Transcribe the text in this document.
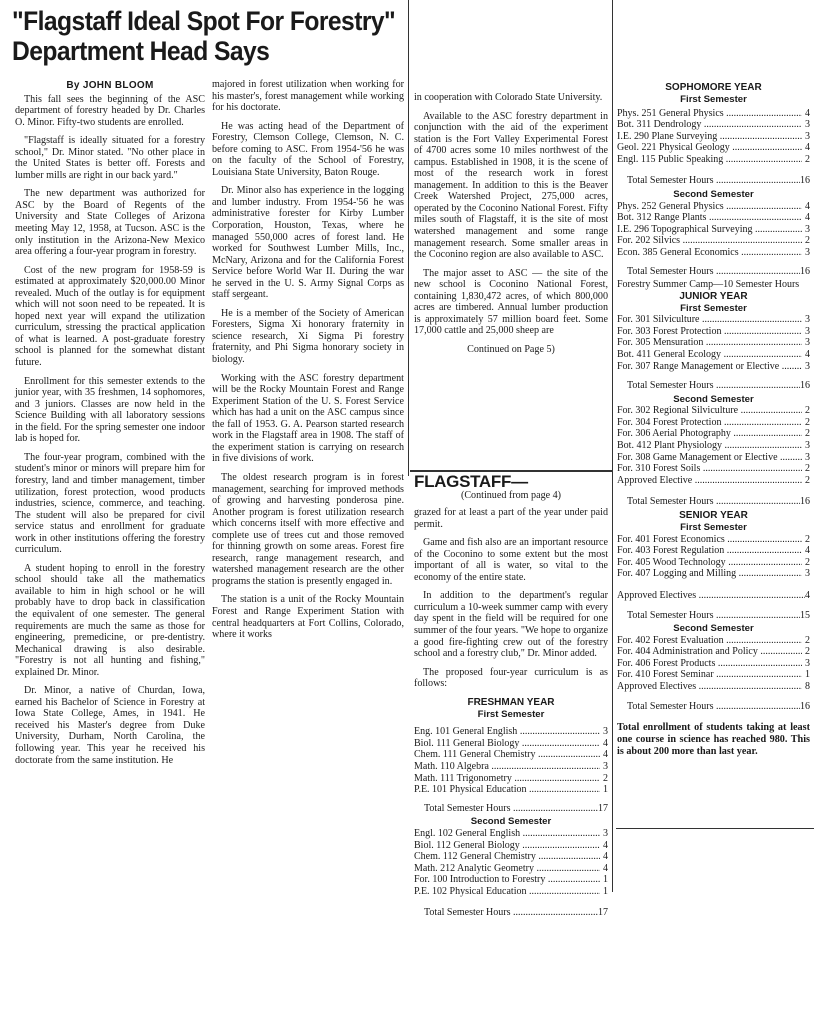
"Flagstaff Ideal Spot For Forestry"
Department Head Says
By JOHN BLOOM

This fall sees the beginning of the ASC department of forestry headed by Dr. Charles O. Minor. Fifty-two students are enrolled.

"Flagstaff is ideally situated for a forestry school," Dr. Minor stated. "No other place in the United States is better off. Forests and lumber mills are right in our back yard."

The new department was authorized for ASC by the Board of Regents of the University and State Colleges of Arizona meeting May 12, 1958, at Tucson. ASC is the only institution in the Arizona-New Mexico area offering a four-year program in forestry.

Cost of the new program for 1958-59 is estimated at approximately $20,000.00 Minor revealed. Much of the outlay is for equipment which will not soon need to be repeated. It is hoped next year will expand the utilization curriculum, stressing the practical application of what is learned. A post-graduate forestry school is planned for the somewhat distant future.

Enrollment for this semester extends to the junior year, with 35 freshmen, 14 sophomores, and 3 juniors. Classes are now held in the Science Building with all laboratory sessions in the field. For the spring semester one indoor lab is hoped for.

The four-year program, combined with the student's minor or minors will prepare him for forestry, land and timber management, timber utilization, forest protection, wood products industries, science, commerce, and teaching. The student will also be prepared for civil service status and enrollment for graduate work in other institutions offering the forestry curriculum.

A student hoping to enroll in the forestry school should take all the mathematics available to him in high school or he will probably have to drop back in classification the equivalent of one semester. The general requirements are much the same as those for engineering, premedicine, or pre-dentistry. Mechanical drawing is also desirable. "Forestry is not all hunting and fishing," explained Dr. Minor.

Dr. Minor, a native of Churdan, Iowa, earned his Bachelor of Science in Forestry at Iowa State College, Ames, in 1941. He received his Master's degree from Duke University, Durham, North Carolina, the following year. This year he received his doctorate from the same institution. He

majored in forest utilization when working for his master's, forest management while working for his doctorate.

He was acting head of the Department of Forestry, Clemson College, Clemson, N. C. before coming to ASC. From 1954-'56 he was on the faculty of the School of Forestry, Louisiana State University, Baton Rouge.

Dr. Minor also has experience in the logging and lumber industry. From 1954-'56 he was administrative forester for Kirby Lumber Corporation, Houston, Texas, where he managed 550,000 acres of forest land. He worked for Southwest Lumber Mills, Inc., McNary, Arizona and for the California Forest Service before World War II. During the war he served in the U. S. Army Signal Corps as staff sergeant.

He is a member of the Society of American Foresters, Sigma Xi honorary fraternity in science research, Xi Sigma Pi forestry fraternity, and Phi Sigma honorary society in biology.

Working with the ASC forestry department will be the Rocky Mountain Forest and Range Experiment Station of the U. S. Forest Service which has had a unit on the ASC campus since the fall of 1953. G. A. Pearson started research work in the Flagstaff area in 1908. The staff of the experiment station is carrying on research in five divisions of work.

The oldest research program is in forest management, searching for improved methods of growing and harvesting ponderosa pine. Another program is forest utilization research which concerns itself with more effective and complete use of trees cut and those removed for thinning growth on some areas. Forest fire research, range management research, and watershed management research are the other programs the station is presently engaged in.

The station is a unit of the Rocky Mountain Forest and Range Experiment Station with central headquarters at Fort Collins, Colorado, where it works

in cooperation with Colorado State University.

Available to the ASC forestry department in conjunction with the aid of the experiment station is the Fort Valley Experimental Forest of 4700 acres some 10 miles northwest of the campus. Established in 1908, it is the scene of most of the research work in forest management. In addition to this is the Beaver Creek Watershed Project, 275,000 acres, operated by the Coconino National Forest. Fifty miles south of Flagstaff, it is the site of most watershed management and some range management research. Some smaller areas in the Coconino region are also available to ASC.

The major asset to ASC — the site of the new school is Coconino National Forest, containing 1,830,472 acres, of which 800,000 acres are timbered. Annual lumber production is approximately 57 million board feet. Some 17,000 cattle and 25,000 sheep are

Continued on Page 5)
FLAGSTAFF—
(Continued from page 4)

grazed for at least a part of the year under paid permit.

Game and fish also are an important resource of the Coconino to some extent but the most important of all is water, so vital to the economy of the entire state.

In addition to the department's regular curriculum a 10-week summer camp with every day spent in the field will be required for one summer of the four years. "We hope to organize a good fire-fighting crew out of the forestry school and a forestry club," Dr. Minor added.

The proposed four-year curriculum is as follows:

FRESHMAN YEAR
First Semester
Eng. 101 General English .....	3
Biol. 111 General Biology .....	4
Chem. 111 General Chemistry .....	4
Math. 110 Algebra .....	3
Math. 111 Trigonometry .....	2
P.E. 101 Physical Education .....	1
Total Semester Hours .....	17
Second Semester
Engl. 102 General English .....	3
Biol. 112 General Biology .....	4
Chem. 112 General Chemistry .....	4
Math. 212 Analytic Geometry .....	4
For. 100 Introduction to Forestry .....	1
P.E. 102 Physical Education .....	1
Total Semester Hours .....	17
SOPHOMORE YEAR
First Semester
Phys. 251 General Physics .....	4
Bot. 311 Dendrology .....	3
I.E. 290 Plane Surveying .....	3
Geol. 221 Physical Geology .....	4
Engl. 115 Public Speaking .....	2
Total Semester Hours .....	16
Second Semester
Phys. 252 General Physics .....	4
Bot. 312 Range Plants .....	4
I.E. 296 Topographical Surveying .....	3
For. 202 Silvics .....	2
Econ. 385 General Economics .....	3
Total Semester Hours .....	16
Forestry Summer Camp—10 Semester Hours
JUNIOR YEAR
First Semester
For. 301 Silviculture .....	3
For. 303 Forest Protection .....	3
For. 305 Mensuration .....	3
Bot. 411 General Ecology .....	4
For. 307 Range Management or Elective .....	3
Total Semester Hours .....	16
Second Semester
For. 302 Regional Silviculture .....	2
For. 304 Forest Protection .....	2
For. 306 Aerial Photography .....	2
Bot. 412 Plant Physiology .....	3
For. 308 Game Management or Elective .....	3
For. 310 Forest Soils .....	2
Approved Elective .....	2
Total Semester Hours .....	16
SENIOR YEAR
First Semester
For. 401 Forest Economics .....	2
For. 403 Forest Regulation .....	4
For. 405 Wood Technology .....	2
For. 407 Logging and Milling .....	3
Approved Electives .....	4
Total Semester Hours .....	15
Second Semester
For. 402 Forest Evaluation .....	2
For. 404 Administration and Policy .....	2
For. 406 Forest Products .....	3
For. 410 Forest Seminar .....	1
Approved Electives .....	8
Total Semester Hours .....	16
Total enrollment of students taking at least one course in science has reached 980. This is about 200 more than last year.
